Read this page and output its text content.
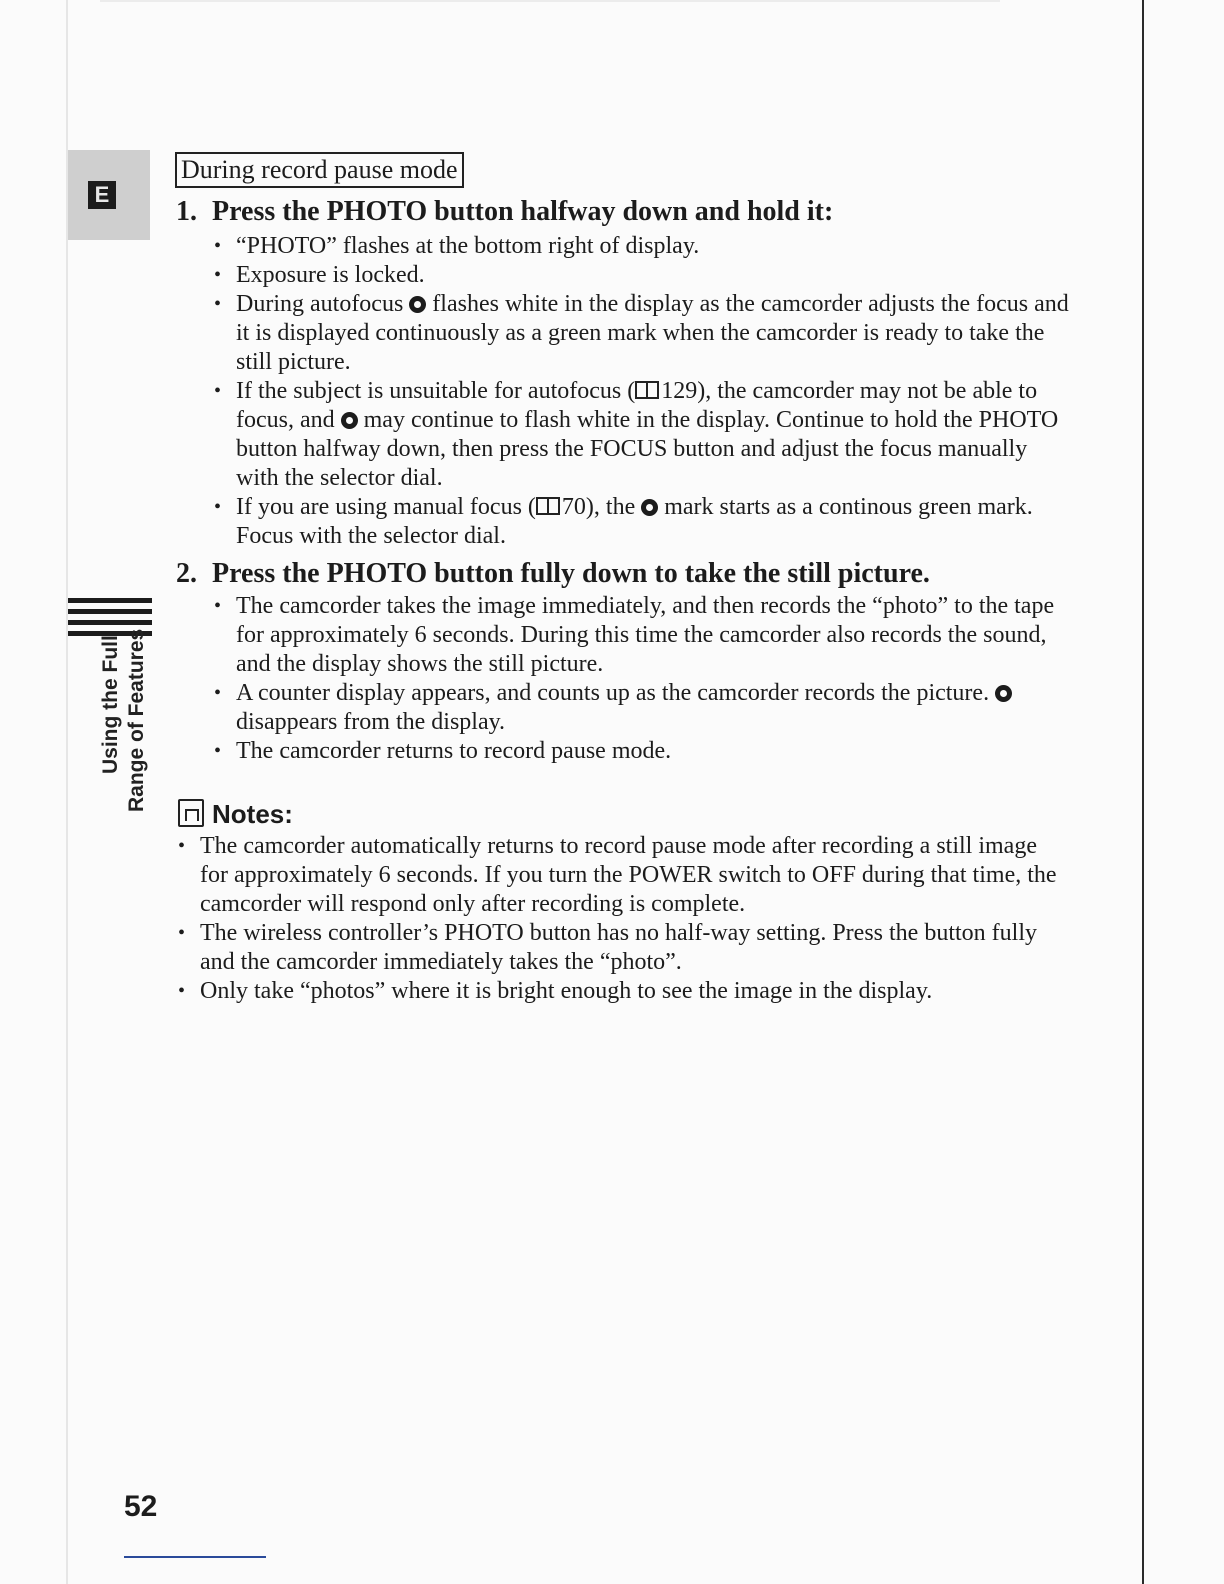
E
Using the Full Range of Features
During record pause mode
1. Press the PHOTO button halfway down and hold it:
• “PHOTO” flashes at the bottom right of display.
• Exposure is locked.
• During autofocus flashes white in the display as the camcorder adjusts the focus and it is displayed continuously as a green mark when the camcorder is ready to take the still picture.
• If the subject is unsuitable for autofocus ( 129), the camcorder may not be able to focus, and may continue to flash white in the display. Continue to hold the PHOTO button halfway down, then press the FOCUS button and adjust the focus manually with the selector dial.
• If you are using manual focus ( 70), the mark starts as a continous green mark. Focus with the selector dial.
2. Press the PHOTO button fully down to take the still picture.
• The camcorder takes the image immediately, and then records the “photo” to the tape for approximately 6 seconds. During this time the camcorder also records the sound, and the display shows the still picture.
• A counter display appears, and counts up as the camcorder records the picture.  disappears from the display.
• The camcorder returns to record pause mode.
Notes:
• The camcorder automatically returns to record pause mode after recording a still image for approximately 6 seconds. If you turn the POWER switch to OFF during that time, the camcorder will respond only after recording is complete.
• The wireless controller’s PHOTO button has no half-way setting. Press the button fully and the camcorder immediately takes the “photo”.
• Only take “photos” where it is bright enough to see the image in the display.
52
